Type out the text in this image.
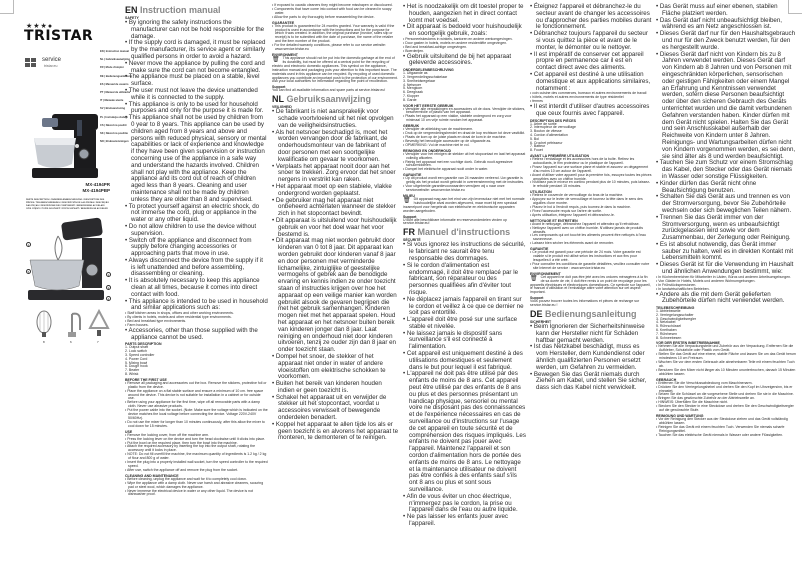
★★★●
TRISTAR
service
tristar.eu
EN | Instruction manual
NL | Gebruiksaanwijzing
FR | Mode d'emploi
DE | Bedienungsanleitung
ES | Manual de usuario
PT | Manual de utilizador
IT | Manuale utente
SV | Bruksanvisning
PL | Instrukcja obsługi
CS | Návod na použití
SK | Návod na použitie
NO | Bruksanvisningen
MX-4194PR
MX-4194PBP
PARTS DESCRIPTION / ONDERDELENBESCHRIJVING / DESCRIPTION DES PIÈCES / TEILEBESCHREIBUNG / DESCRIPCIÓN DE LAS PIEZAS / DESCRIÇÃO DAS PEÇAS / DESCRIZIONE DEI COMPONENTI / BESKRIVNING AV DELAR / OPIS CZĘŚCI / POPIS SOUČÁSTÍ / POPIS SÚČASTÍ / BESKRIVELSE AV DELER
1
5
2
3
4
8	6	7
EN Instruction manual
SAFETY
• By ignoring the safety instructions the manufacturer can not be hold responsible for the damage.
• If the supply cord is damaged, it must be replaced by the manufacturer, its service agent or similarly qualified persons in order to avoid a hazard.
• Never move the appliance by pulling the cord and make sure the cord can not become entangled.
• The appliance must be placed on a stable, level surface.
• The user must not leave the device unattended while it is connected to the supply.
• This appliance is only to be used for household purposes and only for the purpose it is made for.
• This appliance shall not be used by children from 0 year to 8 years. This appliance can be used by children aged from 8 years and above and persons with reduced physical, sensory or mental capabilities or lack of experience and knowledge if they have been given supervision or instruction concerning use of the appliance in a safe way and understand the hazards involved. Children shall not play with the appliance. Keep the appliance and its cord out of reach of children aged less than 8 years. Cleaning and user maintenance shall not be made by children unless they are older than 8 and supervised.
• To protect yourself against an electric shock, do not immerse the cord, plug or appliance in the water or any other liquid.
• Do not allow children to use the device without supervision.
• Switch off the appliance and disconnect from supply before changing accessories or approaching parts that move in use.
• Always disconnect the device from the supply if it is left unattended and before assembling, disassembling or cleaning.
• It is absolutely necessary to keep this appliance clean at all times, because it comes into direct contact with food.
• This appliance is intended to be used in household and similar applications such as:
• Staff kitchen areas in shops, offices and other working environments.
• By clients in hotels, motels and other residential type environments.
• Bed and breakfast type environments.
• Farm houses.
• Accessories, other than those supplied with the appliance cannot be used.
PARTS DESCRIPTION
1. Output shaft
2. Lock switch
3. Speed controller
4. Power Cord
5. Mixing bowl
6. Dough hook
7. Beater
8. Whisk
BEFORE THE FIRST USE
• Remove all packaging and accessories out the box. Remove the stickers, protective foil or plastic from the device.
• Place the appliance on a flat stable surface and ensure a minimum of 10 cm. free space around the device. This device is not suitable for installation in a cabinet or for outside use.
• Before using your appliance for the first time, wipe off all removable parts with a damp cloth. Never use abrasive products.
• Put the power cable into the socket. (Note: Make sure the voltage which is indicated on the device matches the local voltage before connecting the device. Voltage 220V-240V 50/60Hz).
• Do not use the mixer for longer than 10 minutes continuously, after this allow the mixer to cool down for 15 minutes.
USE
• Remove the locking cover, from off the machine arm.
• Press the locking lever on the device and turn the head clockwise until it clicks into place.
• Put the bowl on the required place, then turn the bowl into the machine.
• Attach the required accessory by inserting the top into the output shaft, rotating the accessory until it locks in place.
• NOTE: Do not fill overfill the machine, the maximum quantity of ingredients is 1.2 kg / 2 kg of flour and 800 g of water.
• Insert the plug into a properly installed wall socket, turn the speed controller to the required speed.
• After use, switch the appliance off and remove the plug from the socket.
CLEANING AND MAINTENANCE
• Before cleaning, unplug the appliance and wait for it to completely cool down.
• Wipe the appliance with a damp cloth. Never use harsh and abrasive cleaners, scouring pad or steel wool, which damages the appliance.
• Never immerse the electrical device in water or any other liquid. The device is not dishwasher proof.
• If exposed to caustic cleaners they might become misshapen or discoloured.
• Components that have come into contact with food can be cleaned in soapy water.
• Allow the parts to dry thoroughly before reassembling the device.
GUARANTEE
• This product is guaranteed for 24 months granted. Your warranty is valid if the product is used in accordance with the instructions and for the purpose for which it was created. In addition, the original purchase (invoice, sales slip or receipt) is to be submitted with the date of purchase, the name of the retailer and the item number of the product.
• For the detailed warranty conditions, please refer to our service website: www.service.tristar.eu
ENVIRONMENT
🗑 This appliance should not be put into the domestic garbage at the end of its durability, but must be offered at a central point for the recycling of electric and electronic domestic appliances. This symbol on the appliance, instruction manual and packaging puts your attention to this important issue. The materials used in this appliance can be recycled. By recycling of used domestic appliances you contribute an important push to the protection of our environment. Ask your local authorities for information regarding the point of recollection.
Support
You can find all available information and spare parts at service.tristar.eu!
NL Gebruiksaanwijzing
VEILIGHEID
• De fabrikant is niet aansprakelijk voor schade voortvloeiend uit het niet opvolgen van de veiligheidsinstructies.
• Als het netsnoer beschadigd is, moet het worden vervangen door de fabrikant, de onderhoudsmonteur van de fabrikant of door personen met een soortgelijke kwalificatie om gevaar te voorkomen.
• Verplaats het apparaat nooit door aan het snoer te trekken. Zorg ervoor dat het snoer nergens in verstrikt kan raken.
• Het apparaat moet op een stabiele, vlakke ondergrond worden geplaatst.
• De gebruiker mag het apparaat niet onbeheerd achterlaten wanneer de stekker zich in het stopcontact bevindt.
• Dit apparaat is uitsluitend voor huishoudelijk gebruik en voor het doel waar het voor bestemd is.
• Dit apparaat mag niet worden gebruikt door kinderen van 0 tot 8 jaar. Dit apparaat kan worden gebruikt door kinderen vanaf 8 jaar en door personen met verminderde lichamelijke, zintuiglijke of geestelijke vermogens of gebrek aan de benodigde ervaring en kennis indien ze onder toezicht staan of instructies krijgen over hoe het apparaat op een veilige manier kan worden gebruikt alsook de gevaren begrijpen die met het gebruik samenhangen. Kinderen mogen niet met het apparaat spelen. Houd het apparaat en het netsnoer buiten bereik van kinderen jonger dan 8 jaar. Laat reiniging en onderhoud niet door kinderen uitvoeren, tenzij ze ouder zijn dan 8 jaar en onder toezicht staan.
• Dompel het snoer, de stekker of het apparaat niet onder in water of andere vloeistoffen om elektrische schokken te voorkomen.
• Buiten het bereik van kinderen houden indien er geen toezicht is.
• Schakel het apparaat uit en verwijder de stekker uit het stopcontact, voordat u accessoires verwisselt of bewegende onderdelen benadert.
• Koppel het apparaat te allen tijde los als er geen toezicht is en alvorens het apparaat te monteren, te demonteren of te reinigen.
• Het is noodzakelijk om dit toestel proper te houden, aangezien het in direct contact komt met voedsel.
• Dit apparaat is bedoeld voor huishoudelijk en soortgelijk gebruik, zoals:
• Personeelskeukens in winkels, kantoren en andere werkomgevingen.
• Door gasten in hotels, motels en andere residentiële omgevingen.
• Bed and breakfast-achtige omgevingen.
• Boerderijen.
• Gebruik uitsluitend de bij het apparaat geleverde accessoires.
ONDERDELENBESCHRIJVING
1. Uitgaande as
2. Vergrendelingsschakelaar
3. Snelheidsregelaar
4. Netsnoer
5. Mengkom
6. Deeghaak
7. Klopper
8. Garde
VOOR HET EERSTE GEBRUIK
• Verwijder alle verpakkingen en accessoires uit de doos. Verwijder de stickers, beschermfolie of plastic van het apparaat.
• Plaats het apparaat op een vlakke, stabiele ondergrond en zorg voor minimaal 10 cm vrije ruimte rondom het apparaat.
GEBRUIK
• Verwijder de afdekking van de machinearm.
• Druk op de vergrendelingshendel en draai de kop rechtsom tot deze vastklikt.
• Plaats de kom op de juiste plaats en draai de kom in de machine.
• Bevestig het benodigde accessoire op de uitgaande as.
• OPMERKING: Vul de machine niet te vol.
REINIGING EN ONDERHOUD
• Verwijder voor het reinigen de stekker uit het stopcontact en laat het apparaat volledig afkoelen.
• Reinig het apparaat met een vochtige doek. Gebruik nooit agressieve schuurmiddelen.
• Dompel het elektrische apparaat nooit onder in water.
GARANTIE
• Op dit product wordt een garantie van 24 maanden verleend. Uw garantie is geldig als het product wordt gebruikt in overeenstemming met de instructies.
• Voor uitgebreide garantievoorwaarden verwijzen wij u naar onze servicewebsite: www.service.tristar.eu
MILIEU
🗑 Dit apparaat mag aan het eind van zijn levensduur niet met het normale huishoudelijke afval worden afgevoerd, maar moet bij een speciaal inzamelpunt voor hergebruik van elektrische en elektronische apparaten worden aangeboden.
Support
U kunt alle beschikbare informatie en reserveonderdelen vinden op service.tristar.eu!
FR Manuel d'instructions
SÉCURITÉ
• Si vous ignorez les instructions de sécurité, le fabricant ne saurait être tenu responsable des dommages.
• Si le cordon d'alimentation est endommagé, il doit être remplacé par le fabricant, son réparateur ou des personnes qualifiées afin d'éviter tout risque.
• Ne déplacez jamais l'appareil en tirant sur le cordon et veillez à ce que ce dernier ne soit pas entortillé.
• L'appareil doit être posé sur une surface stable et nivelée.
• Ne laissez jamais le dispositif sans surveillance s'il est connecté à l'alimentation.
• Cet appareil est uniquement destiné à des utilisations domestiques et seulement dans le but pour lequel il est fabriqué.
• L'appareil ne doit pas être utilisé par des enfants de moins de 8 ans. Cet appareil peut être utilisé par des enfants de 8 ans ou plus et des personnes présentant un handicap physique, sensoriel ou mental voire ne disposant pas des connaissances et de l'expérience nécessaires en cas de surveillance ou d'instructions sur l'usage de cet appareil en toute sécurité et de compréhension des risques impliqués. Les enfants ne doivent pas jouer avec l'appareil. Maintenez l'appareil et son cordon d'alimentation hors de portée des enfants de moins de 8 ans. Le nettoyage et la maintenance utilisateur ne doivent pas être confiés à des enfants sauf s'ils ont 8 ans ou plus et sont sous surveillance.
• Afin de vous éviter un choc électrique, n'immergez pas le cordon, la prise ou l'appareil dans de l'eau ou autre liquide.
• Ne pas laisser les enfants jouer avec l'appareil.
• Éteignez l'appareil et débranchez-le du secteur avant de changer les accessoires ou d'approcher des parties mobiles durant le fonctionnement.
• Débranchez toujours l'appareil du secteur si vous quittez la pièce et avant de le monter, le démonter ou le nettoyer.
• Il est impératif de conserver cet appareil propre en permanence car il est en contact direct avec des aliments.
• Cet appareil est destiné à une utilisation domestique et aux applications similaires, notamment :
• coin cuisine des commerces, bureaux et autres environnements de travail
• hôtels, motels et autres environnements de type résidentiel
• fermes
• Il est interdit d'utiliser d'autres accessoires que ceux fournis avec l'appareil.
DESCRIPTION DES PIÈCES
1. Arbre de sortie
2. Interrupteur de verrouillage
3. Bouton de vitesse
4. Cordon d'alimentation
5. Bol
6. Crochet pétrisseur
7. Batteur
8. Fouet
AVANT LA PREMIÈRE UTILISATION
• Retirez l'emballage et les accessoires hors de la boîte. Retirez les autocollants, le film protecteur ou le plastique de l'appareil.
• Posez l'appareil sur une surface plane et stable et assurez un dégagement d'au moins 10 cm autour de l'appareil.
• Avant d'utiliser votre appareil pour la première fois, essuyez toutes les pièces amovibles avec un chiffon humide.
• N'utilisez pas le mixeur en continu pendant plus de 10 minutes, puis laissez-le refroidir pendant 15 minutes.
UTILISATION
• Retirez le couvercle de verrouillage du bras de la machine.
• Appuyez sur le levier de verrouillage et tournez la tête dans le sens des aiguilles d'une montre.
• Placez le bol à l'endroit requis, puis tournez-le dans la machine.
• Fixez l'accessoire requis sur l'arbre de sortie.
• Après utilisation, éteignez l'appareil et débranchez-le.
NETTOYAGE ET ENTRETIEN
• Avant le nettoyage, débranchez l'appareil et attendez qu'il refroidisse.
• Nettoyez l'appareil avec un chiffon humide. N'utilisez jamais de produits abrasifs.
• Les composants qui ont touché les aliments peuvent être nettoyés à l'eau savonneuse.
• Laissez bien sécher les éléments avant de remonter.
GARANTIE
• Ce produit est garanti pour une période de 24 mois. Votre garantie est valable si le produit est utilisé selon les instructions et aux fins pour lesquelles il a été créé.
• Pour connaître les conditions de garantie détaillées, veuillez consulter notre site Internet de service : www.service.tristar.eu
ENVIRONNEMENT
🗑 Cet appareil ne doit pas être jeté avec les ordures ménagères à la fin de sa durée de vie, il doit être remis à un point de recyclage pour les appareils électriques et électroniques domestiques. Ce symbole sur l'appareil, le manuel d'utilisation et l'emballage attire votre attention sur cet aspect important.
Support
Vous pouvez trouver toutes les informations et pièces de rechange sur service.tristar.eu !
DE Bedienungsanleitung
SICHERHEIT
• Beim Ignorieren der Sicherheitshinweise kann der Hersteller nicht für Schäden haftbar gemacht werden.
• Ist das Netzkabel beschädigt, muss es vom Hersteller, dem Kundendienst oder ähnlich qualifizierten Personen ersetzt werden, um Gefahren zu vermeiden.
• Bewegen Sie das Gerät niemals durch Ziehen am Kabel, und stellen Sie sicher, dass sich das Kabel nicht verwickelt.
• Das Gerät muss auf einer ebenen, stabilen Fläche platziert werden.
• Das Gerät darf nicht unbeaufsichtigt bleiben, während es am Netz angeschlossen ist.
• Dieses Gerät darf nur für den Haushaltsgebrauch und nur für den Zweck benutzt werden, für den es hergestellt wurde.
• Dieses Gerät darf nicht von Kindern bis zu 8 Jahren verwendet werden. Dieses Gerät darf von Kindern ab 8 Jahren und von Personen mit eingeschränkten körperlichen, sensorischen oder geistigen Fähigkeiten oder einem Mangel an Erfahrung und Kenntnissen verwendet werden, sofern diese Personen beaufsichtigt oder über den sicheren Gebrauch des Geräts unterrichtet wurden und die damit verbundenen Gefahren verstanden haben. Kinder dürfen mit dem Gerät nicht spielen. Halten Sie das Gerät und sein Anschlusskabel außerhalb der Reichweite von Kindern unter 8 Jahren. Reinigungs- und Wartungsarbeiten dürfen nicht von Kindern vorgenommen werden, es sei denn, sie sind älter als 8 und werden beaufsichtigt.
• Tauchen Sie zum Schutz vor einem Stromschlag das Kabel, den Stecker oder das Gerät niemals in Wasser oder sonstige Flüssigkeiten.
• Kinder dürfen das Gerät nicht ohne Beaufsichtigung benutzen.
• Schalten Sie das Gerät aus und trennen es von der Stromversorgung, bevor Sie Zubehörteile wechseln oder sich beweglichen Teilen nähern.
• Trennen Sie das Gerät immer von der Stromversorgung, wenn es unbeaufsichtigt zurückgelassen wird sowie vor dem Zusammenbau, der Zerlegung oder Reinigung.
• Es ist absolut notwendig, das Gerät immer sauber zu halten, weil es in direkten Kontakt mit Lebensmitteln kommt.
• Dieses Gerät ist für die Verwendung im Haushalt und ähnlichen Anwendungen bestimmt, wie:
• In Küchenbereichen für Mitarbeiter in Läden, Büros und anderen Arbeitsumgebungen.
• Von Gästen in Hotels, Motels und anderen Wohnumgebungen.
• In Frühstückspensionen.
• In landwirtschaftlichen Betrieben.
• Andere als die mit dem Gerät gelieferten Zubehörteile dürfen nicht verwendet werden.
TEILEBESCHREIBUNG
1. Abtriebswelle
2. Verriegelungsschalter
3. Geschwindigkeitsregler
4. Netzkabel
5. Rührschüssel
6. Knethaken
7. Rührbesen
8. Schneebesen
VOR DER ERSTEN INBETRIEBNAHME
• Nehmen Sie alle Verpackungsteile und Zubehör aus der Verpackung. Entfernen Sie die Aufkleber, Schutzfolie oder Plastik vom Gerät.
• Stellen Sie das Gerät auf eine ebene, stabile Fläche und lassen Sie um das Gerät herum mindestens 10 cm Freiraum.
• Wischen Sie vor dem ersten Gebrauch alle abnehmbaren Teile mit einem feuchten Tuch ab.
• Benutzen Sie den Mixer nicht länger als 10 Minuten ununterbrochen, danach 15 Minuten abkühlen lassen.
GEBRAUCH
• Entfernen Sie die Verschlussabdeckung vom Maschinenarm.
• Drücken Sie den Verriegelungshebel und drehen Sie den Kopf im Uhrzeigersinn, bis er einrastet.
• Setzen Sie die Schüssel an die vorgesehene Stelle und drehen Sie sie in die Maschine.
• Bringen Sie das gewünschte Zubehör an der Abtriebswelle an.
• HINWEIS: Überfüllen Sie die Maschine nicht.
• Stecken Sie den Stecker in eine Steckdose und drehen Sie den Geschwindigkeitsregler auf die gewünschte Stufe.
REINIGUNG UND WARTUNG
• Vor der Reinigung den Stecker aus der Steckdose ziehen und das Gerät vollständig abkühlen lassen.
• Reinigen Sie das Gerät mit einem feuchten Tuch. Verwenden Sie niemals scharfe Reinigungsmittel.
• Tauchen Sie das elektrische Gerät niemals in Wasser oder andere Flüssigkeiten.
